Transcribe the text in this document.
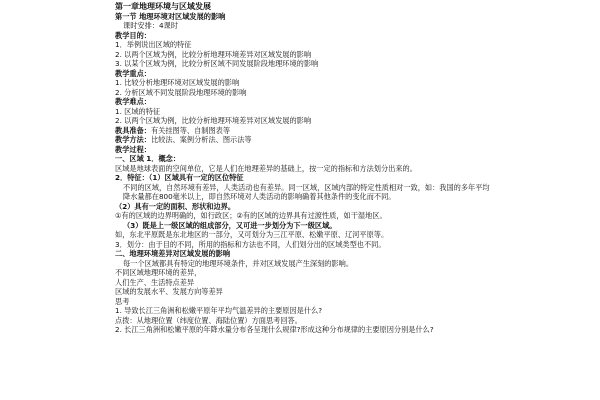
第一章地理环境与区域发展
第一节 地理环境对区域发展的影响
课时安排：4课时
教学目的：
1．举例说出区域的特征
2. 以两个区域为例，比较分析地理环境差异对区域发展的影响
3. 以某个区域为例，比较分析区域不同发展阶段地理环境的影响
教学重点：
1. 比较分析地理环境对区域发展的影响
2. 分析区域不同发展阶段地理环境的影响
教学难点：
1. 区域的特征
2. 以两个区域为例，比较分析地理环境差异对区域发展的影响
教具准备：有关挂图等、自制图表等
教学方法：比较法、案例分析法、图示法等
教学过程：
一、区域 1．概念：
区域是地球表面的空间单位，它是人们在地理差异的基础上，按一定的指标和方法划分出来的。
2．特征：（1）区域具有一定的区位特征
不同的区域，自然环境有差异，人类活动也有差异。同一区域，区域内部的特定性质相对一致，如：我国的多年平均降水量都在800毫米以上，即自然环境对人类活动的影响确着其他条件的变化而不同。
（2）具有一定的面积、形状和边界。
①有的区域的边界明确的，如行政区；②有的区域的边界具有过渡性质，如干湿地区。
（3）既是上一级区域的组成部分，又可进一步划分为下一级区域。
如，东北平原既是东北地区的一部分，又可划分为三江平原、松嫩平原、辽河平原等。
3．划分：由于目的不同，所用的指标和方法也不同，人们划分出的区域类型也不同。
二、地理环境差异对区域发展的影响
每一个区域都具有特定的地理环境条件，并对区域发展产生深刻的影响。
不同区域地理环境的差异，
人们生产、生活特点差异
区域的发展水平、发展方向等差异
思考
1. 导致长江三角洲和松嫩平原年平均气温差异的主要原因是什么?
点拨：从地理位置（纬度位置、海陆位置）方面思考回答。
2. 长江三角洲和松嫩平原的年降水量分布各呈现什么规律?形成这种分布规律的主要原因分别是什么?
